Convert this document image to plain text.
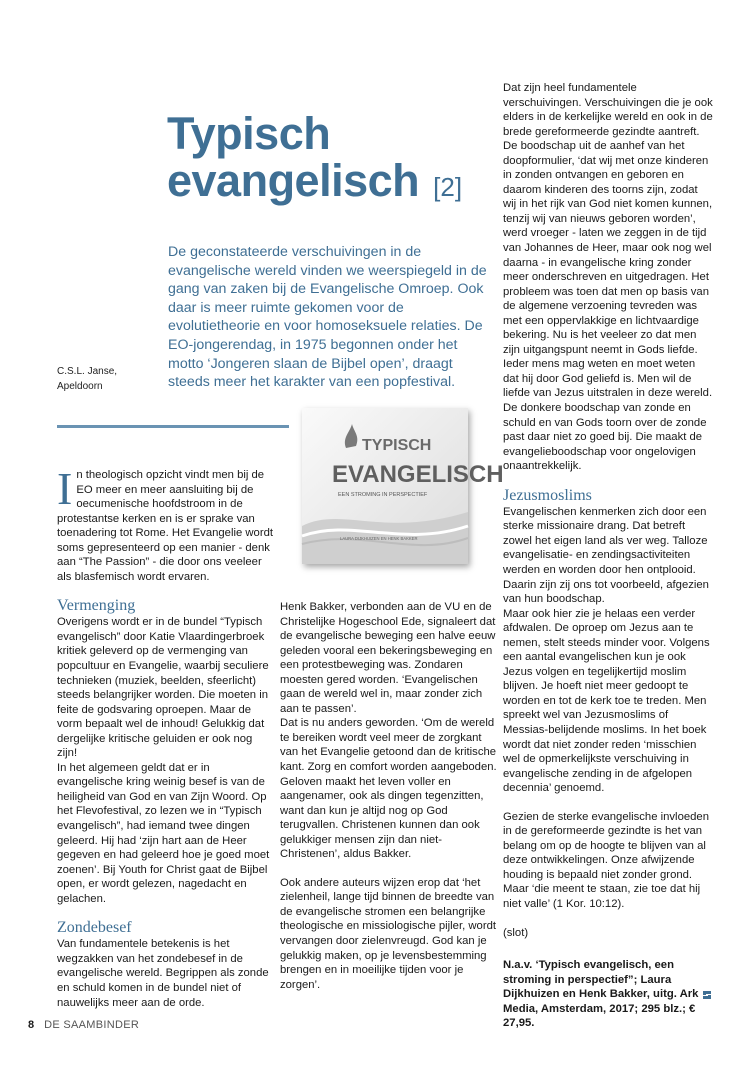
Typisch
evangelisch [2]
De geconstateerde verschuivingen in de evangelische wereld vinden we weerspiegeld in de gang van zaken bij de Evangelische Omroep. Ook daar is meer ruimte gekomen voor de evolutietheorie en voor homoseksuele relaties. De EO-jongerendag, in 1975 begonnen onder het motto ‘Jongeren slaan de Bijbel open’, draagt steeds meer het karakter van een popfestival.
C.S.L. Janse,
Apeldoorn
TYPISCH
EVANGELISCH
EEN STROMING IN PERSPECTIEF
LAURA DIJKHUIZEN EN HENK BAKKER

In theologisch opzicht vindt men bij de EO meer en meer aansluiting bij de oecumenische hoofdstroom in de protestantse kerken en is er sprake van toenadering tot Rome. Het Evangelie wordt soms gepresenteerd op een manier - denk aan “The Passion” - die door ons veeleer als blasfemisch wordt ervaren.

Vermenging

Overigens wordt er in de bundel “Typisch evangelisch” door Katie Vlaardingerbroek kritiek geleverd op de vermenging van popcultuur en Evangelie, waarbij seculiere technieken (muziek, beelden, sfeerlicht) steeds belangrijker worden. Die moeten in feite de godsvaring oproepen. Maar de vorm bepaalt wel de inhoud! Gelukkig dat dergelijke kritische geluiden er ook nog zijn!

In het algemeen geldt dat er in evangelische kring weinig besef is van de heiligheid van God en van Zijn Woord. Op het Flevofestival, zo lezen we in “Typisch evangelisch”, had iemand twee dingen geleerd. Hij had ‘zijn hart aan de Heer gegeven en had geleerd hoe je goed moet zoenen’. Bij Youth for Christ gaat de Bijbel open, er wordt gelezen, nagedacht en gelachen.

Zondebesef

Van fundamentele betekenis is het wegzakken van het zondebesef in de evangelische wereld. Begrippen als zonde en schuld komen in de bundel niet of nauwelijks meer aan de orde.

Henk Bakker, verbonden aan de VU en de Christelijke Hogeschool Ede, signaleert dat de evangelische beweging een halve eeuw geleden vooral een bekeringsbeweging en een protestbeweging was. Zondaren moesten gered worden. ‘Evangelischen gaan de wereld wel in, maar zonder zich aan te passen’.

Dat is nu anders geworden. ‘Om de wereld te bereiken wordt veel meer de zorgkant van het Evangelie getoond dan de kritische kant. Zorg en comfort worden aangeboden. Geloven maakt het leven voller en aangenamer, ook als dingen tegenzitten, want dan kun je altijd nog op God terugvallen. Christenen kunnen dan ook gelukkiger mensen zijn dan niet-Christenen’, aldus Bakker.

Ook andere auteurs wijzen erop dat ‘het zielenheil, lange tijd binnen de breedte van de evangelische stromen een belangrijke theologische en missiologische pijler, wordt vervangen door zielenvreugd. God kan je gelukkig maken, op je levensbestemming brengen en in moeilijke tijden voor je zorgen’.

Dat zijn heel fundamentele verschuivingen. Verschuivingen die je ook elders in de kerkelijke wereld en ook in de brede gereformeerde gezindte aantreft.

De boodschap uit de aanhef van het doopformulier, ‘dat wij met onze kinderen in zonden ontvangen en geboren en daarom kinderen des toorns zijn, zodat wij in het rijk van God niet komen kunnen, tenzij wij van nieuws geboren worden’, werd vroeger - laten we zeggen in de tijd van Johannes de Heer, maar ook nog wel daarna - in evangelische kring zonder meer onderschreven en uitgedragen. Het probleem was toen dat men op basis van de algemene verzoening tevreden was met een oppervlakkige en lichtvaardige bekering. Nu is het veeleer zo dat men zijn uitgangspunt neemt in Gods liefde. Ieder mens mag weten en moet weten dat hij door God geliefd is. Men wil de liefde van Jezus uitstralen in deze wereld. De donkere boodschap van zonde en schuld en van Gods toorn over de zonde past daar niet zo goed bij. Die maakt de evangelieboodschap voor ongelovigen onaantrekkelijk.

Jezusmoslims

Evangelischen kenmerken zich door een sterke missionaire drang. Dat betreft zowel het eigen land als ver weg. Talloze evangelisatie- en zendingsactiviteiten werden en worden door hen ontplooid. Daarin zijn zij ons tot voorbeeld, afgezien van hun boodschap.

Maar ook hier zie je helaas een verder afdwalen. De oproep om Jezus aan te nemen, stelt steeds minder voor. Volgens een aantal evangelischen kun je ook Jezus volgen en tegelijkertijd moslim blijven. Je hoeft niet meer gedoopt te worden en tot de kerk toe te treden. Men spreekt wel van Jezusmoslims of Messias-belijdende moslims. In het boek wordt dat niet zonder reden ‘misschien wel de opmerkelijkste verschuiving in evangelische zending in de afgelopen decennia’ genoemd.

Gezien de sterke evangelische invloeden in de gereformeerde gezindte is het van belang om op de hoogte te blijven van al deze ontwikkelingen. Onze afwijzende houding is bepaald niet zonder grond. Maar ‘die meent te staan, zie toe dat hij niet valle’ (1 Kor. 10:12).

(slot)

N.a.v. ‘Typisch evangelisch, een stroming in perspectief”; Laura Dijkhuizen en Henk Bakker, uitg. Ark Media, Amsterdam, 2017; 295 blz.; € 27,95.
8 DE SAAMBINDER
